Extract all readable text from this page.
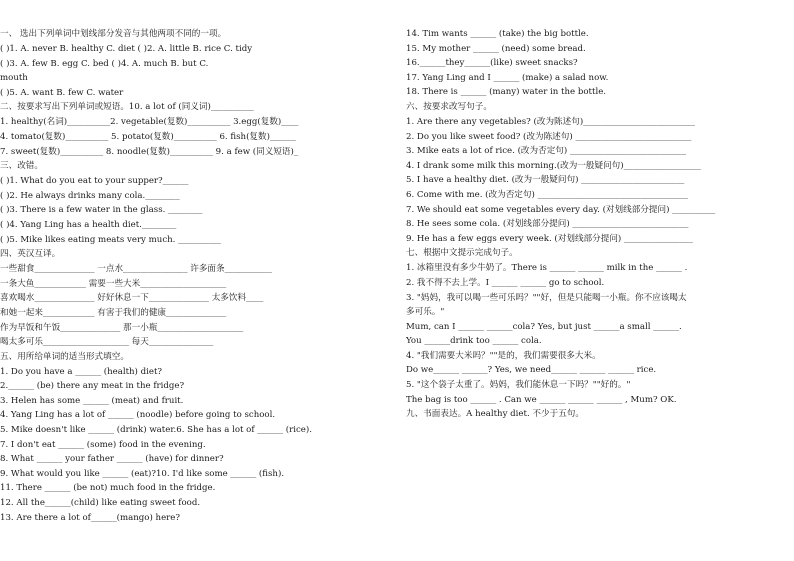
一、 选出下列单词中划线部分发音与其他两项不同的一项。
( )1. A. never B. healthy C. diet ( )2. A. little B. rice C. tidy
( )3. A. few B. egg C. bed ( )4. A. much B. but C.
mouth
( )5. A. want B. few C. water
二、按要求写出下列单词或短语。10. a lot of (同义词)__________
1. healthy(名词)__________2. vegetable(复数)__________ 3.egg(复数)____
4. tomato(复数)__________ 5. potato(复数)__________ 6. fish(复数)______
7. sweet(复数)__________ 8. noodle(复数)__________ 9. a few (同义短语)_
三、改错。
( )1. What do you eat to your supper?______
( )2. He always drinks many cola.________
( )3. There is a few water in the glass. ________
( )4. Yang Ling has a health diet.________
( )5. Mike likes eating meats very much. __________
四、英汉互译。
一些甜食______________ 一点水_______________ 许多面条___________
一条大鱼____________ 需要一些大米____________________
喜欢喝水______________ 好好休息一下______________ 太多饮料____
和她一起来____________ 有害于我们的健康______________
作为早饭和午饭______________ 那一小瓶____________________
喝太多可乐____________________ 每天_______________
五、用所给单词的适当形式填空。
1. Do you have a ______ (health) diet?
2.______ (be) there any meat in the fridge?
3. Helen has some ______ (meat) and fruit.
4. Yang Ling has a lot of ______ (noodle) before going to school.
5. Mike doesn't like ______ (drink) water.6. She has a lot of ______ (rice).
7. I don't eat ______ (some) food in the evening.
8. What ______ your father ______ (have) for dinner?
9. What would you like ______ (eat)?10. I'd like some ______ (fish).
11. There ______ (be not) much food in the fridge.
12. All the______(child) like eating sweet food.
13. Are there a lot of______(mango) here?
14. Tim wants ______ (take) the big bottle.
15. My mother ______ (need) some bread.
16.______they______(like) sweet snacks?
17. Yang Ling and I ______ (make) a salad now.
18. There is ______ (many) water in the bottle.
六、按要求改写句子。
1. Are there any vegetables? (改为陈述句)__________________________
2. Do you like sweet food? (改为陈述句) ___________________________
3. Mike eats a lot of rice. (改为否定句) ___________________________
4. I drank some milk this morning.(改为一般疑问句)__________________
5. I have a healthy diet. (改为一般疑问句) ________________________
6. Come with me. (改为否定句) ___________________________________
7. We should eat some vegetables every day. (对划线部分提问) __________
8. He sees some cola. (对划线部分提问) ___________________________
9. He has a few eggs every week. (对划线部分提问) ________________
七、根据中文提示完成句子。
1. 冰箱里没有多少牛奶了。There is ______ ______ milk in the ______ .
2. 我不得不去上学。I ______ ______ go to school.
3. "妈妈，我可以喝一些可乐吗？""好，但是只能喝一小瓶。你不应该喝太
多可乐。"
Mum, can I ______ ______cola? Yes, but just ______a small ______.
You ______drink too ______ cola.
4. "我们需要大米吗？""是的，我们需要很多大米。
Do we______ ______? Yes, we need______ ______ ______ rice.
5. "这个袋子太重了。妈妈，我们能休息一下吗？""好的。"
The bag is too ______ . Can we ______ ______ ______ , Mum? OK.
九、书面表达。A healthy diet. 不少于五句。
